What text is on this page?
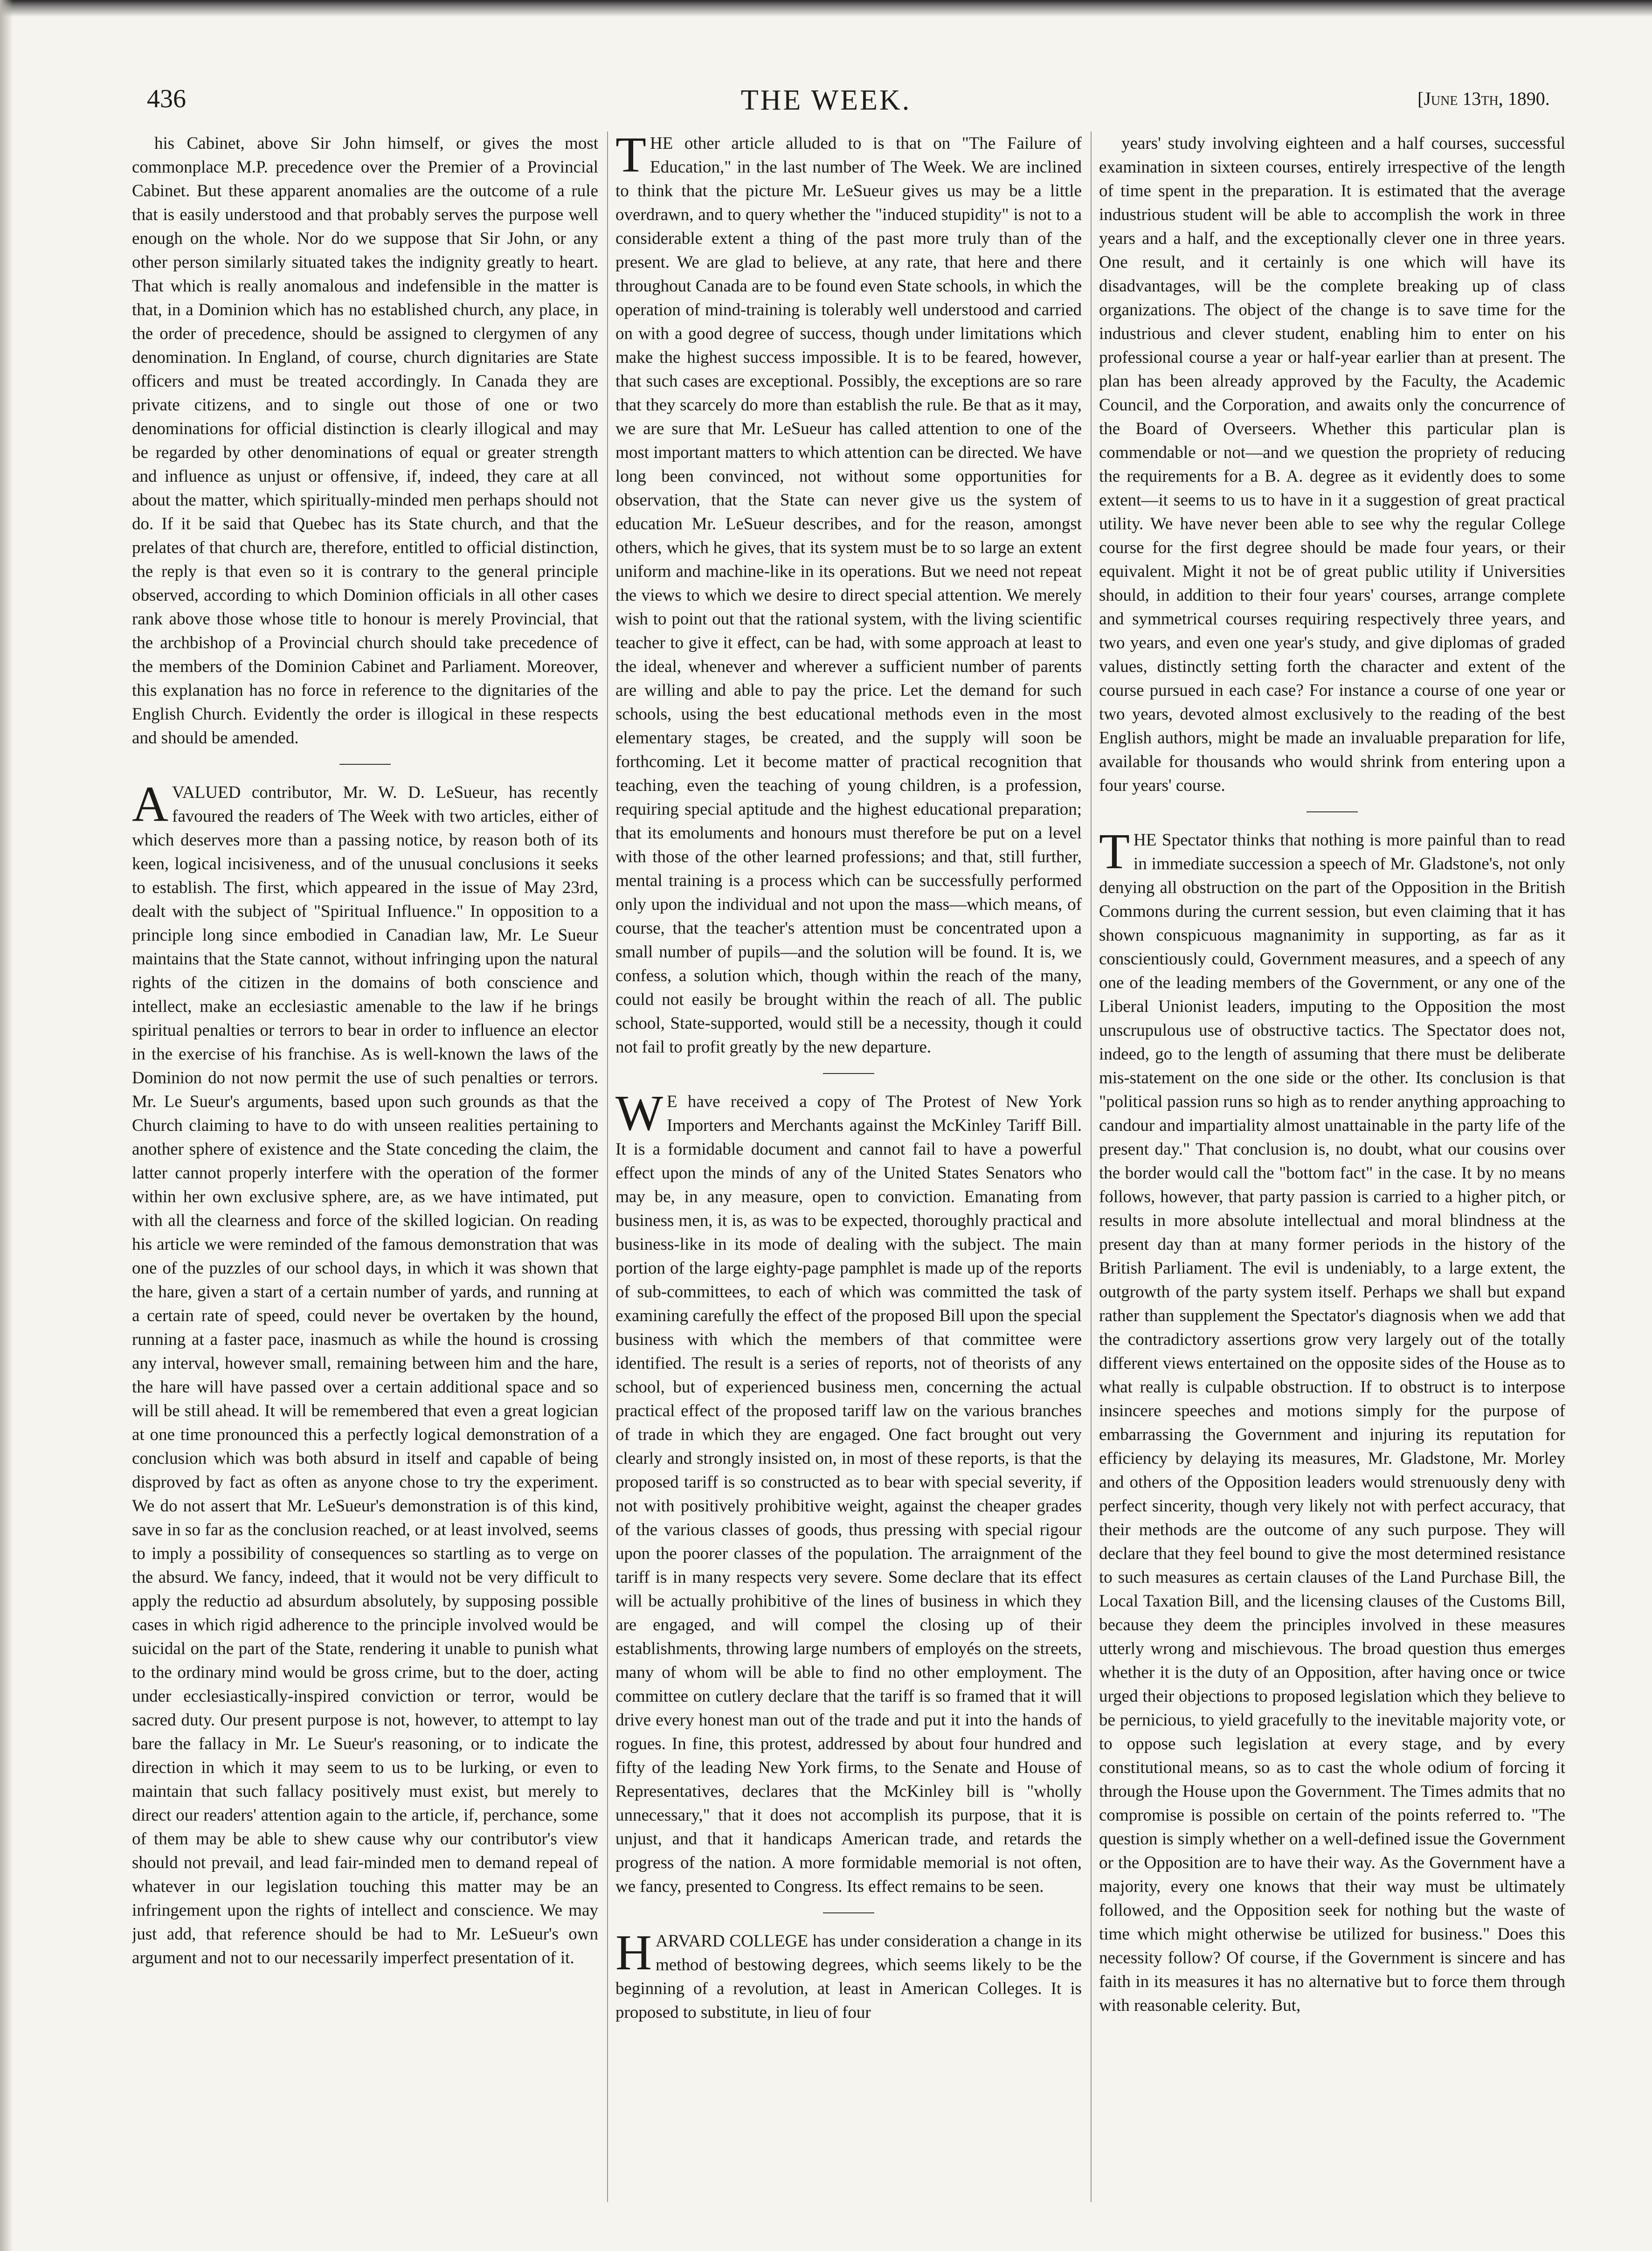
436	THE WEEK.	[June 13th, 1890.

his Cabinet, above Sir John himself, or gives the most commonplace M.P. precedence over the Premier of a Provincial Cabinet. But these apparent anomalies are the outcome of a rule that is easily understood and that probably serves the purpose well enough on the whole. Nor do we suppose that Sir John, or any other person similarly situated takes the indignity greatly to heart. That which is really anomalous and indefensible in the matter is that, in a Dominion which has no established church, any place, in the order of precedence, should be assigned to clergymen of any denomination. In England, of course, church dignitaries are State officers and must be treated accordingly. In Canada they are private citizens, and to single out those of one or two denominations for official distinction is clearly illogical and may be regarded by other denominations of equal or greater strength and influence as unjust or offensive, if, indeed, they care at all about the matter, which spiritually-minded men perhaps should not do. If it be said that Quebec has its State church, and that the prelates of that church are, therefore, entitled to official distinction, the reply is that even so it is contrary to the general principle observed, according to which Dominion officials in all other cases rank above those whose title to honour is merely Provincial, that the archbishop of a Provincial church should take precedence of the members of the Dominion Cabinet and Parliament. Moreover, this explanation has no force in reference to the dignitaries of the English Church. Evidently the order is illogical in these respects and should be amended.

AVALUED contributor, Mr. W. D. LeSueur, has recently favoured the readers of The Week with two articles, either of which deserves more than a passing notice, by reason both of its keen, logical incisiveness, and of the unusual conclusions it seeks to establish. The first, which appeared in the issue of May 23rd, dealt with the subject of "Spiritual Influence." In opposition to a principle long since embodied in Canadian law, Mr. Le Sueur maintains that the State cannot, without infringing upon the natural rights of the citizen in the domains of both conscience and intellect, make an ecclesiastic amenable to the law if he brings spiritual penalties or terrors to bear in order to influence an elector in the exercise of his franchise. As is well-known the laws of the Dominion do not now permit the use of such penalties or terrors. Mr. Le Sueur's arguments, based upon such grounds as that the Church claiming to have to do with unseen realities pertaining to another sphere of existence and the State conceding the claim, the latter cannot properly interfere with the operation of the former within her own exclusive sphere, are, as we have intimated, put with all the clearness and force of the skilled logician. On reading his article we were reminded of the famous demonstration that was one of the puzzles of our school days, in which it was shown that the hare, given a start of a certain number of yards, and running at a certain rate of speed, could never be overtaken by the hound, running at a faster pace, inasmuch as while the hound is crossing any interval, however small, remaining between him and the hare, the hare will have passed over a certain additional space and so will be still ahead. It will be remembered that even a great logician at one time pronounced this a perfectly logical demonstration of a conclusion which was both absurd in itself and capable of being disproved by fact as often as anyone chose to try the experiment. We do not assert that Mr. LeSueur's demonstration is of this kind, save in so far as the conclusion reached, or at least involved, seems to imply a possibility of consequences so startling as to verge on the absurd. We fancy, indeed, that it would not be very difficult to apply the reductio ad absurdum absolutely, by supposing possible cases in which rigid adherence to the principle involved would be suicidal on the part of the State, rendering it unable to punish what to the ordinary mind would be gross crime, but to the doer, acting under ecclesiastically-inspired conviction or terror, would be sacred duty. Our present purpose is not, however, to attempt to lay bare the fallacy in Mr. Le Sueur's reasoning, or to indicate the direction in which it may seem to us to be lurking, or even to maintain that such fallacy positively must exist, but merely to direct our readers' attention again to the article, if, perchance, some of them may be able to shew cause why our contributor's view should not prevail, and lead fair-minded men to demand repeal of whatever in our legislation touching this matter may be an infringement upon the rights of intellect and conscience. We may just add, that reference should be had to Mr. LeSueur's own argument and not to our necessarily imperfect presentation of it.

THE other article alluded to is that on "The Failure of Education," in the last number of The Week. We are inclined to think that the picture Mr. LeSueur gives us may be a little overdrawn, and to query whether the "induced stupidity" is not to a considerable extent a thing of the past more truly than of the present. We are glad to believe, at any rate, that here and there throughout Canada are to be found even State schools, in which the operation of mind-training is tolerably well understood and carried on with a good degree of success, though under limitations which make the highest success impossible. It is to be feared, however, that such cases are exceptional. Possibly, the exceptions are so rare that they scarcely do more than establish the rule. Be that as it may, we are sure that Mr. LeSueur has called attention to one of the most important matters to which attention can be directed. We have long been convinced, not without some opportunities for observation, that the State can never give us the system of education Mr. LeSueur describes, and for the reason, amongst others, which he gives, that its system must be to so large an extent uniform and machine-like in its operations. But we need not repeat the views to which we desire to direct special attention. We merely wish to point out that the rational system, with the living scientific teacher to give it effect, can be had, with some approach at least to the ideal, whenever and wherever a sufficient number of parents are willing and able to pay the price. Let the demand for such schools, using the best educational methods even in the most elementary stages, be created, and the supply will soon be forthcoming. Let it become matter of practical recognition that teaching, even the teaching of young children, is a profession, requiring special aptitude and the highest educational preparation; that its emoluments and honours must therefore be put on a level with those of the other learned professions; and that, still further, mental training is a process which can be successfully performed only upon the individual and not upon the mass—which means, of course, that the teacher's attention must be concentrated upon a small number of pupils—and the solution will be found. It is, we confess, a solution which, though within the reach of the many, could not easily be brought within the reach of all. The public school, State-supported, would still be a necessity, though it could not fail to profit greatly by the new departure.

WE have received a copy of The Protest of New York Importers and Merchants against the McKinley Tariff Bill. It is a formidable document and cannot fail to have a powerful effect upon the minds of any of the United States Senators who may be, in any measure, open to conviction. Emanating from business men, it is, as was to be expected, thoroughly practical and business-like in its mode of dealing with the subject. The main portion of the large eighty-page pamphlet is made up of the reports of sub-committees, to each of which was committed the task of examining carefully the effect of the proposed Bill upon the special business with which the members of that committee were identified. The result is a series of reports, not of theorists of any school, but of experienced business men, concerning the actual practical effect of the proposed tariff law on the various branches of trade in which they are engaged. One fact brought out very clearly and strongly insisted on, in most of these reports, is that the proposed tariff is so constructed as to bear with special severity, if not with positively prohibitive weight, against the cheaper grades of the various classes of goods, thus pressing with special rigour upon the poorer classes of the population. The arraignment of the tariff is in many respects very severe. Some declare that its effect will be actually prohibitive of the lines of business in which they are engaged, and will compel the closing up of their establishments, throwing large numbers of employés on the streets, many of whom will be able to find no other employment. The committee on cutlery declare that the tariff is so framed that it will drive every honest man out of the trade and put it into the hands of rogues. In fine, this protest, addressed by about four hundred and fifty of the leading New York firms, to the Senate and House of Representatives, declares that the McKinley bill is "wholly unnecessary," that it does not accomplish its purpose, that it is unjust, and that it handicaps American trade, and retards the progress of the nation. A more formidable memorial is not often, we fancy, presented to Congress. Its effect remains to be seen.

HARVARD COLLEGE has under consideration a change in its method of bestowing degrees, which seems likely to be the beginning of a revolution, at least in American Colleges. It is proposed to substitute, in lieu of four

years' study involving eighteen and a half courses, successful examination in sixteen courses, entirely irrespective of the length of time spent in the preparation. It is estimated that the average industrious student will be able to accomplish the work in three years and a half, and the exceptionally clever one in three years. One result, and it certainly is one which will have its disadvantages, will be the complete breaking up of class organizations. The object of the change is to save time for the industrious and clever student, enabling him to enter on his professional course a year or half-year earlier than at present. The plan has been already approved by the Faculty, the Academic Council, and the Corporation, and awaits only the concurrence of the Board of Overseers. Whether this particular plan is commendable or not—and we question the propriety of reducing the requirements for a B. A. degree as it evidently does to some extent—it seems to us to have in it a suggestion of great practical utility. We have never been able to see why the regular College course for the first degree should be made four years, or their equivalent. Might it not be of great public utility if Universities should, in addition to their four years' courses, arrange complete and symmetrical courses requiring respectively three years, and two years, and even one year's study, and give diplomas of graded values, distinctly setting forth the character and extent of the course pursued in each case? For instance a course of one year or two years, devoted almost exclusively to the reading of the best English authors, might be made an invaluable preparation for life, available for thousands who would shrink from entering upon a four years' course.

THE Spectator thinks that nothing is more painful than to read in immediate succession a speech of Mr. Gladstone's, not only denying all obstruction on the part of the Opposition in the British Commons during the current session, but even claiming that it has shown conspicuous magnanimity in supporting, as far as it conscientiously could, Government measures, and a speech of any one of the leading members of the Government, or any one of the Liberal Unionist leaders, imputing to the Opposition the most unscrupulous use of obstructive tactics. The Spectator does not, indeed, go to the length of assuming that there must be deliberate mis-statement on the one side or the other. Its conclusion is that "political passion runs so high as to render anything approaching to candour and impartiality almost unattainable in the party life of the present day." That conclusion is, no doubt, what our cousins over the border would call the "bottom fact" in the case. It by no means follows, however, that party passion is carried to a higher pitch, or results in more absolute intellectual and moral blindness at the present day than at many former periods in the history of the British Parliament. The evil is undeniably, to a large extent, the outgrowth of the party system itself. Perhaps we shall but expand rather than supplement the Spectator's diagnosis when we add that the contradictory assertions grow very largely out of the totally different views entertained on the opposite sides of the House as to what really is culpable obstruction. If to obstruct is to interpose insincere speeches and motions simply for the purpose of embarrassing the Government and injuring its reputation for efficiency by delaying its measures, Mr. Gladstone, Mr. Morley and others of the Opposition leaders would strenuously deny with perfect sincerity, though very likely not with perfect accuracy, that their methods are the outcome of any such purpose. They will declare that they feel bound to give the most determined resistance to such measures as certain clauses of the Land Purchase Bill, the Local Taxation Bill, and the licensing clauses of the Customs Bill, because they deem the principles involved in these measures utterly wrong and mischievous. The broad question thus emerges whether it is the duty of an Opposition, after having once or twice urged their objections to proposed legislation which they believe to be pernicious, to yield gracefully to the inevitable majority vote, or to oppose such legislation at every stage, and by every constitutional means, so as to cast the whole odium of forcing it through the House upon the Government. The Times admits that no compromise is possible on certain of the points referred to. "The question is simply whether on a well-defined issue the Government or the Opposition are to have their way. As the Government have a majority, every one knows that their way must be ultimately followed, and the Opposition seek for nothing but the waste of time which might otherwise be utilized for business." Does this necessity follow? Of course, if the Government is sincere and has faith in its measures it has no alternative but to force them through with reasonable celerity. But,
